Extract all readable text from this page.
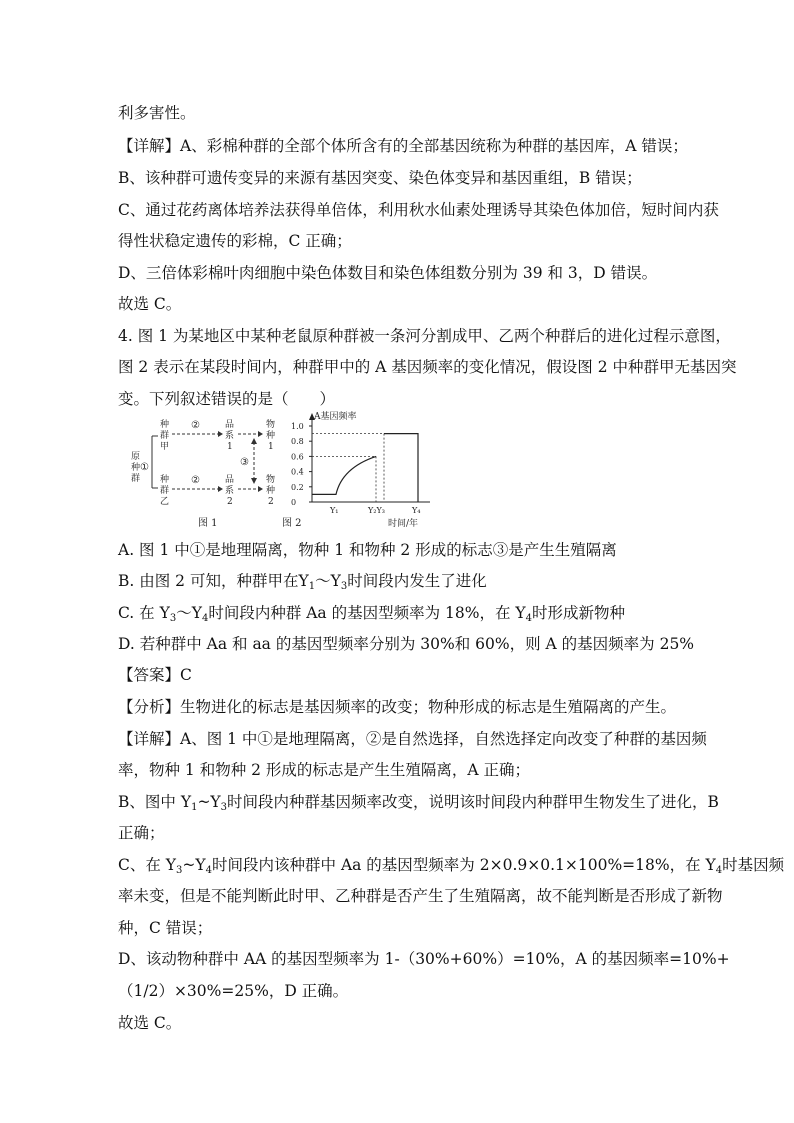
利多害性。
【详解】A、彩棉种群的全部个体所含有的全部基因统称为种群的基因库，A 错误；
B、该种群可遗传变异的来源有基因突变、染色体变异和基因重组，B 错误；
C、通过花药离体培养法获得单倍体，利用秋水仙素处理诱导其染色体加倍，短时间内获
得性状稳定遗传的彩棉，C 正确；
D、三倍体彩棉叶肉细胞中染色体数目和染色体组数分别为 39 和 3，D 错误。
故选 C。
4. 图 1 为某地区中某种老鼠原种群被一条河分割成甲、乙两个种群后的进化过程示意图，
图 2 表示在某段时间内，种群甲中的 A 基因频率的变化情况，假设图 2 中种群甲无基因突
变。下列叙述错误的是（　　）
原
种
群
①
种
群
甲
种
群
乙
②
②
品
系
1
品
系
2
③
物
种
1
物
种
2
图 1
A基因频率
0
0.2
0.4
0.6
0.8
1.0
Y₁	Y₂Y₃	Y₄
时间/年
图 2
A. 图 1 中①是地理隔离，物种 1 和物种 2 形成的标志③是产生生殖隔离
B. 由图 2 可知，种群甲在$Y_1\sim Y_3$时间段内发生了进化
C. 在 $Y_3\sim Y_4$时间段内种群 Aa 的基因型频率为 18%，在 $Y_4$时形成新物种
D. 若种群中 Aa 和 aa 的基因型频率分别为 30%和 60%，则 A 的基因频率为 25%
【答案】C
【分析】生物进化的标志是基因频率的改变；物种形成的标志是生殖隔离的产生。
【详解】A、图 1 中①是地理隔离，②是自然选择，自然选择定向改变了种群的基因频
率，物种 1 和物种 2 形成的标志是产生生殖隔离，A 正确；
B、图中 $Y_1\sim Y_3$时间段内种群基因频率改变，说明该时间段内种群甲生物发生了进化，B
正确；
C、在 $Y_3\sim Y_4$时间段内该种群中 Aa 的基因型频率为 2×0.9×0.1×100%=18%，在 $Y_4$时基因频
率未变，但是不能判断此时甲、乙种群是否产生了生殖隔离，故不能判断是否形成了新物
种，C 错误；
D、该动物种群中 AA 的基因型频率为 1-（30%+60%）=10%，A 的基因频率=10%+
（1/2）×30%=25%，D 正确。
故选 C。
